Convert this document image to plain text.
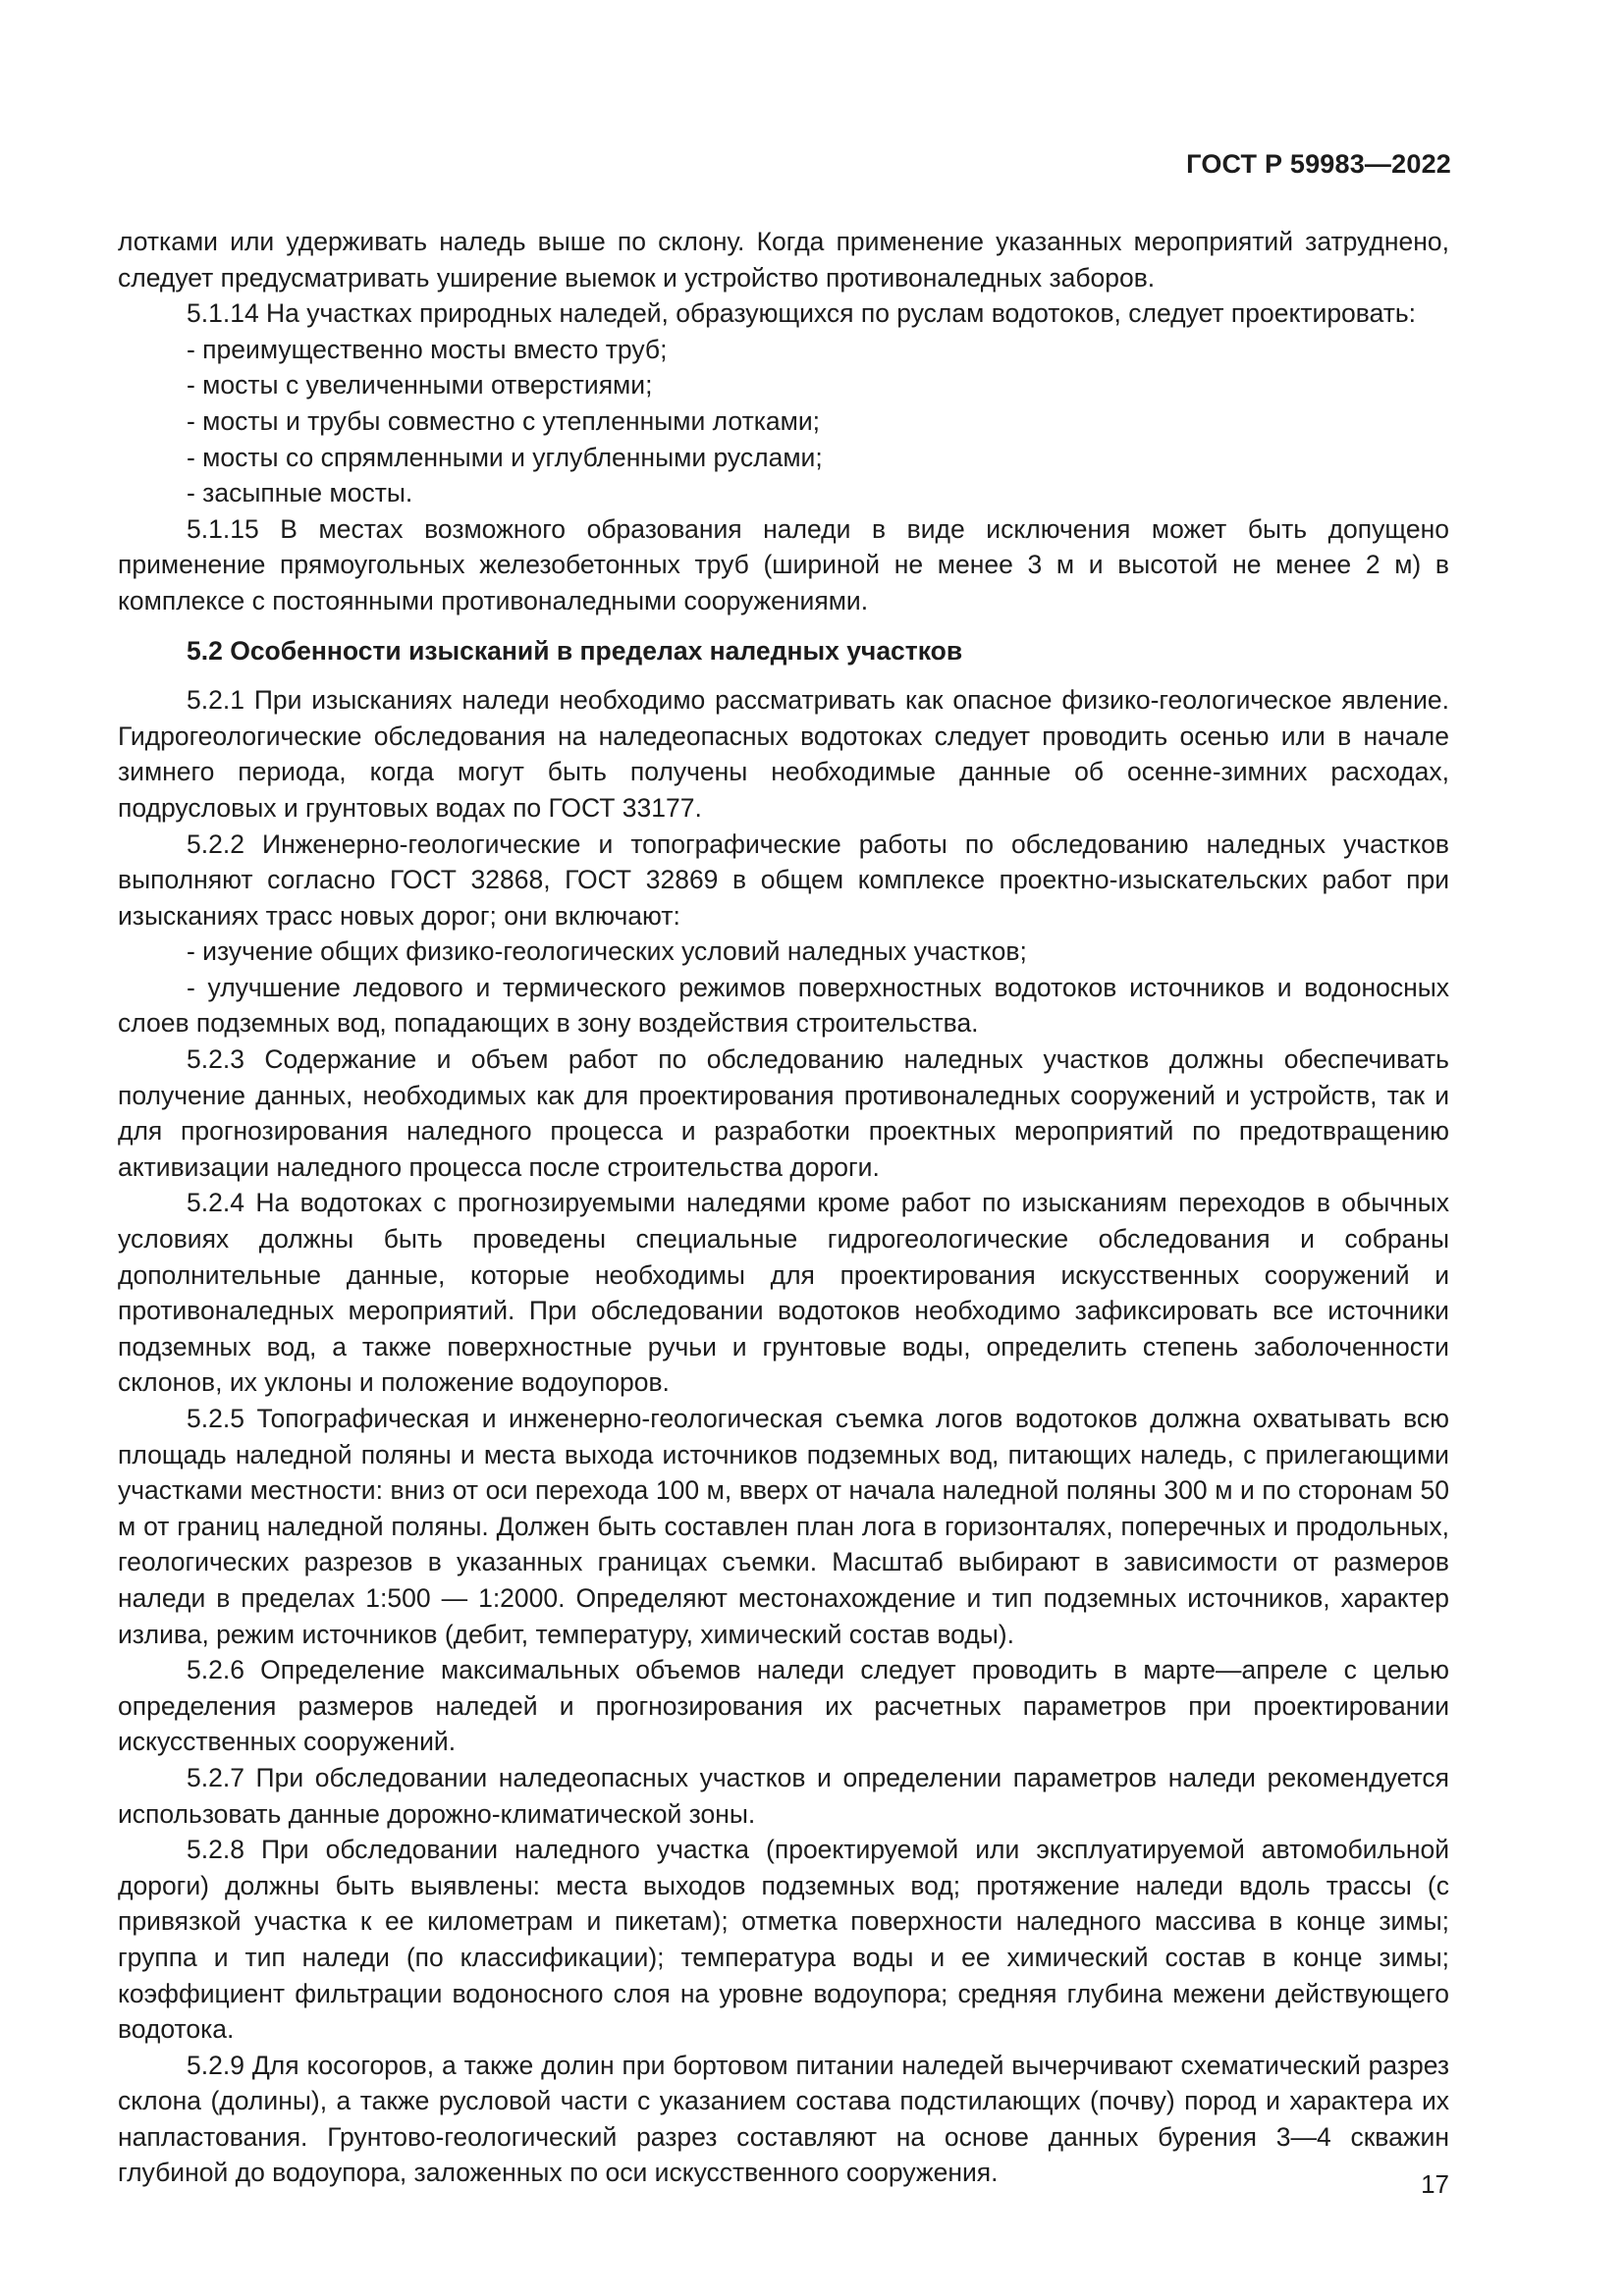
ГОСТ Р 59983—2022

лотками или удерживать наледь выше по склону. Когда применение указанных мероприятий затруднено, следует предусматривать уширение выемок и устройство противоналедных заборов.

5.1.14 На участках природных наледей, образующихся по руслам водотоков, следует проектировать:

- преимущественно мосты вместо труб;

- мосты с увеличенными отверстиями;

- мосты и трубы совместно с утепленными лотками;

- мосты со спрямленными и углубленными руслами;

- засыпные мосты.

5.1.15 В местах возможного образования наледи в виде исключения может быть допущено применение прямоугольных железобетонных труб (шириной не менее 3 м и высотой не менее 2 м) в комплексе с постоянными противоналедными сооружениями.

5.2 Особенности изысканий в пределах наледных участков

5.2.1 При изысканиях наледи необходимо рассматривать как опасное физико-геологическое явление. Гидрогеологические обследования на наледеопасных водотоках следует проводить осенью или в начале зимнего периода, когда могут быть получены необходимые данные об осенне-зимних расходах, подрусловых и грунтовых водах по ГОСТ 33177.

5.2.2 Инженерно-геологические и топографические работы по обследованию наледных участков выполняют согласно ГОСТ 32868, ГОСТ 32869 в общем комплексе проектно-изыскательских работ при изысканиях трасс новых дорог; они включают:

- изучение общих физико-геологических условий наледных участков;

- улучшение ледового и термического режимов поверхностных водотоков источников и водоносных слоев подземных вод, попадающих в зону воздействия строительства.

5.2.3 Содержание и объем работ по обследованию наледных участков должны обеспечивать получение данных, необходимых как для проектирования противоналедных сооружений и устройств, так и для прогнозирования наледного процесса и разработки проектных мероприятий по предотвращению активизации наледного процесса после строительства дороги.

5.2.4 На водотоках с прогнозируемыми наледями кроме работ по изысканиям переходов в обычных условиях должны быть проведены специальные гидрогеологические обследования и собраны дополнительные данные, которые необходимы для проектирования искусственных сооружений и противоналедных мероприятий. При обследовании водотоков необходимо зафиксировать все источники подземных вод, а также поверхностные ручьи и грунтовые воды, определить степень заболоченности склонов, их уклоны и положение водоупоров.

5.2.5 Топографическая и инженерно-геологическая съемка логов водотоков должна охватывать всю площадь наледной поляны и места выхода источников подземных вод, питающих наледь, с прилегающими участками местности: вниз от оси перехода 100 м, вверх от начала наледной поляны 300 м и по сторонам 50 м от границ наледной поляны. Должен быть составлен план лога в горизонталях, поперечных и продольных, геологических разрезов в указанных границах съемки. Масштаб выбирают в зависимости от размеров наледи в пределах 1:500 — 1:2000. Определяют местонахождение и тип подземных источников, характер излива, режим источников (дебит, температуру, химический состав воды).

5.2.6 Определение максимальных объемов наледи следует проводить в марте—апреле с целью определения размеров наледей и прогнозирования их расчетных параметров при проектировании искусственных сооружений.

5.2.7 При обследовании наледеопасных участков и определении параметров наледи рекомендуется использовать данные дорожно-климатической зоны.

5.2.8 При обследовании наледного участка (проектируемой или эксплуатируемой автомобильной дороги) должны быть выявлены: места выходов подземных вод; протяжение наледи вдоль трассы (с привязкой участка к ее километрам и пикетам); отметка поверхности наледного массива в конце зимы; группа и тип наледи (по классификации); температура воды и ее химический состав в конце зимы; коэффициент фильтрации водоносного слоя на уровне водоупора; средняя глубина межени действующего водотока.

5.2.9 Для косогоров, а также долин при бортовом питании наледей вычерчивают схематический разрез склона (долины), а также русловой части с указанием состава подстилающих (почву) пород и характера их напластования. Грунтово-геологический разрез составляют на основе данных бурения 3—4 скважин глубиной до водоупора, заложенных по оси искусственного сооружения.	17
